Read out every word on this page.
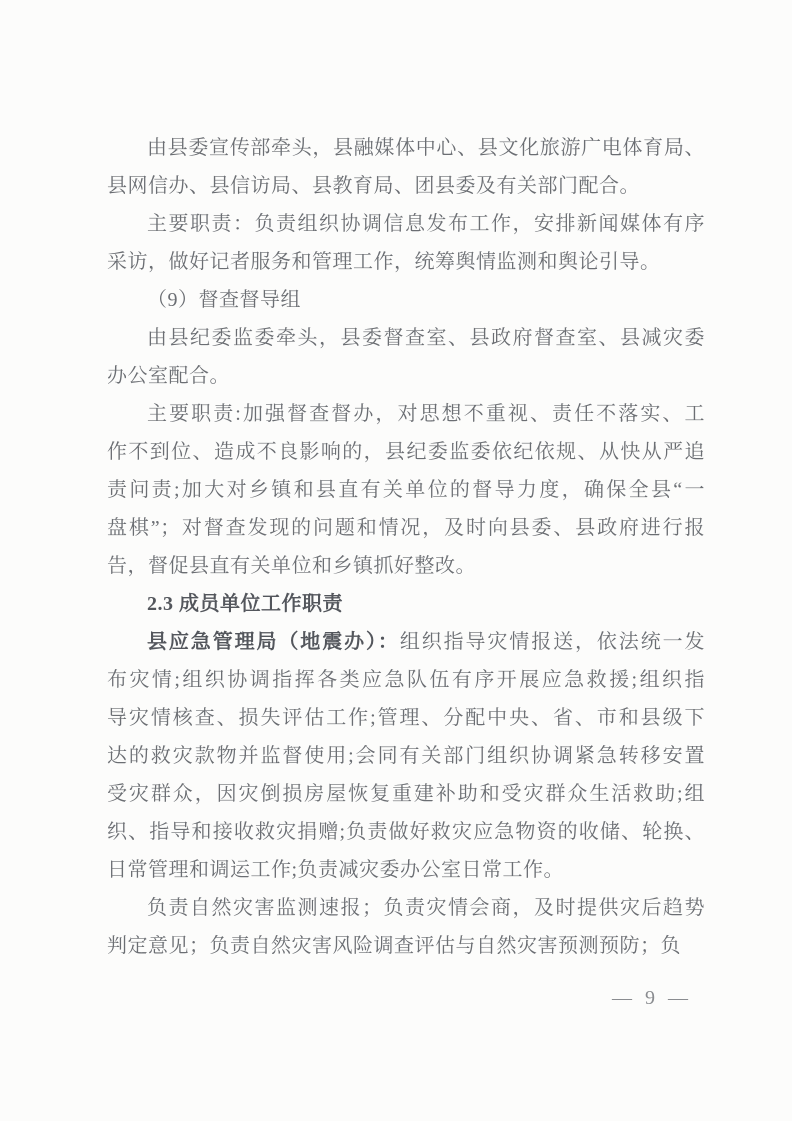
由县委宣传部牵头，县融媒体中心、县文化旅游广电体育局、
县网信办、县信访局、县教育局、团县委及有关部门配合。
主要职责：负责组织协调信息发布工作，安排新闻媒体有序
采访，做好记者服务和管理工作，统筹舆情监测和舆论引导。
（9）督查督导组
由县纪委监委牵头，县委督查室、县政府督查室、县减灾委
办公室配合。
主要职责:加强督查督办，对思想不重视、责任不落实、工
作不到位、造成不良影响的，县纪委监委依纪依规、从快从严追
责问责;加大对乡镇和县直有关单位的督导力度，确保全县“一
盘棋”；对督查发现的问题和情况，及时向县委、县政府进行报
告，督促县直有关单位和乡镇抓好整改。
2.3 成员单位工作职责
县应急管理局（地震办）：组织指导灾情报送，依法统一发
布灾情;组织协调指挥各类应急队伍有序开展应急救援;组织指
导灾情核查、损失评估工作;管理、分配中央、省、市和县级下
达的救灾款物并监督使用;会同有关部门组织协调紧急转移安置
受灾群众，因灾倒损房屋恢复重建补助和受灾群众生活救助;组
织、指导和接收救灾捐赠;负责做好救灾应急物资的收储、轮换、
日常管理和调运工作;负责减灾委办公室日常工作。
负责自然灾害监测速报；负责灾情会商，及时提供灾后趋势
判定意见；负责自然灾害风险调查评估与自然灾害预测预防；负
— 9 —
